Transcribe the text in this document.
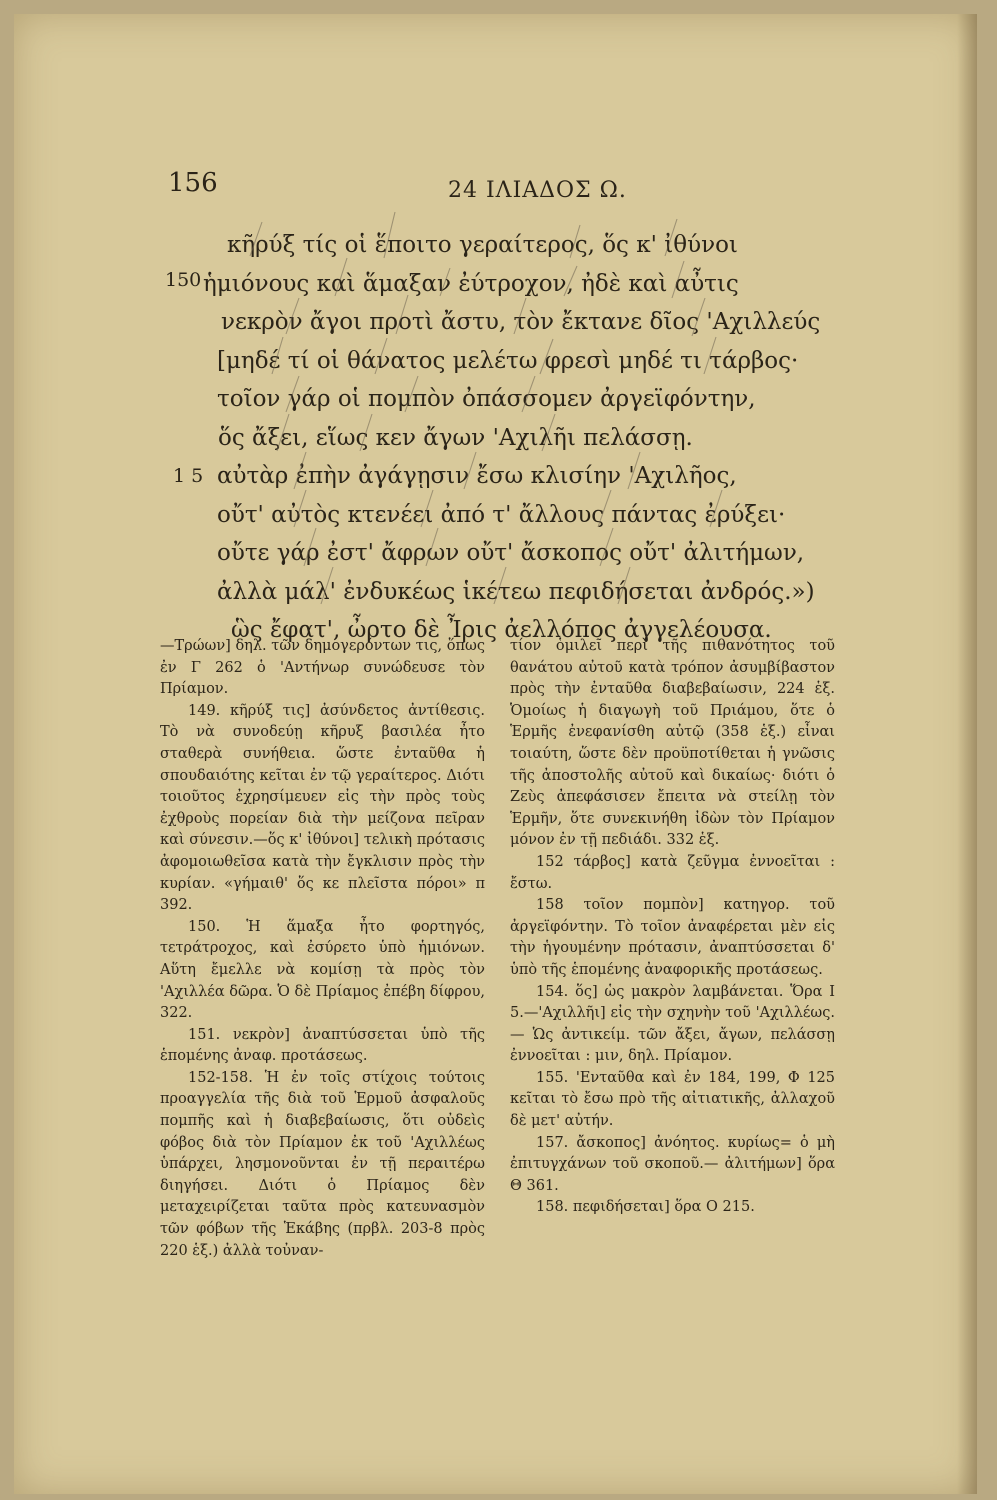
156	24 ΙΛΙΑΔΟΣ Ω.
κῆρύξ τίς οἱ ἕποιτο γεραίτερος, ὅς κ' ἰθύνοι
150 ἡμιόνους καὶ ἅμαξαν ἐύτροχον, ἠδὲ καὶ αὖτις
νεκρὸν ἄγοι προτὶ ἄστυ, τὸν ἔκτανε δῖος 'Αχιλλεύς
[μηδέ τί οἱ θάνατος μελέτω φρεσὶ μηδέ τι τάρβος·
τοῖον γάρ οἱ πομπὸν ὀπάσσομεν ἀργεϊφόντην,
ὅς ἄξει, εἵως κεν ἄγων 'Αχιλῆι πελάσσῃ.
1 5 αὐτὰρ ἐπὴν ἀγάγῃσιν ἔσω κλισίην 'Αχιλῆος,
οὔτ' αὐτὸς κτενέει ἀπό τ' ἄλλους πάντας ἐρύξει·
οὔτε γάρ ἐστ' ἄφρων οὔτ' ἄσκοπος οὔτ' ἀλιτήμων,
ἀλλὰ μάλ' ἐνδυκέως ἱκέτεω πεφιδήσεται ἀνδρός.»)
ὣς ἔφατ', ὦρτο δὲ Ἶρις ἀελλόπος ἀγγελέουσα.

—Τρώων] δηλ. τῶν δημογερόντων τις, ὅπως ἐν Γ 262 ὁ 'Αντήνωρ συνώδευσε τὸν Πρίαμον.

149. κῆρύξ τις] ἀσύνδετος ἀντίθεσις. Τὸ νὰ συνοδεύῃ κῆρυξ βασιλέα ἦτο σταθερὰ συνήθεια. ὥστε ἐνταῦθα ἡ σπουδαιότης κεῖται ἐν τῷ γεραίτερος. Διότι τοιοῦτος ἐχρησίμευεν εἰς τὴν πρὸς τοὺς ἐχθροὺς πορείαν διὰ τὴν μείζονα πεῖραν καὶ σύνεσιν.—ὅς κ' ἰθύνοι] τελικὴ πρότασις ἀφομοιωθεῖσα κατὰ τὴν ἔγκλισιν πρὸς τὴν κυρίαν. «γήμαιθ' ὅς κε πλεῖστα πόροι» π 392.

150. Ἡ ἅμαξα ἦτο φορτηγός, τετράτροχος, καὶ ἐσύρετο ὑπὸ ἡμιόνων. Αὕτη ἔμελλε νὰ κομίσῃ τὰ πρὸς τὸν 'Αχιλλέα δῶρα. Ὁ δὲ Πρίαμος ἐπέβη δίφρου, 322.

151. νεκρὸν] ἀναπτύσσεται ὑπὸ τῆς ἑπομένης ἀναφ. προτάσεως.

152-158. Ἡ ἐν τοῖς στίχοις τούτοις προαγγελία τῆς διὰ τοῦ Ἑρμοῦ ἀσφαλοῦς πομπῆς καὶ ἡ διαβεβαίωσις, ὅτι οὐδεὶς φόβος διὰ τὸν Πρίαμον ἐκ τοῦ 'Αχιλλέως ὑπάρχει, λησμονοῦνται ἐν τῇ περαιτέρω διηγήσει. Διότι ὁ Πρίαμος δὲν μεταχειρίζεται ταῦτα πρὸς κατευνασμὸν τῶν φόβων τῆς Ἑκάβης (πρβλ. 203-8 πρὸς 220 ἑξ.) ἀλλὰ τοὐναν-

τίον ὁμιλεῖ περὶ τῆς πιθανότητος τοῦ θανάτου αὐτοῦ κατὰ τρόπον ἀσυμβίβαστον πρὸς τὴν ἐνταῦθα διαβεβαίωσιν, 224 ἑξ. Ὁμοίως ἡ διαγωγὴ τοῦ Πριάμου, ὅτε ὁ Ἑρμῆς ἐνεφανίσθη αὐτῷ (358 ἑξ.) εἶναι τοιαύτη, ὥστε δὲν προϋποτίθεται ἡ γνῶσις τῆς ἀποστολῆς αὐτοῦ καὶ δικαίως· διότι ὁ Ζεὺς ἀπεφάσισεν ἔπειτα νὰ στείλῃ τὸν Ἑρμῆν, ὅτε συνεκινήθη ἰδὼν τὸν Πρίαμον μόνον ἐν τῇ πεδιάδι. 332 ἑξ.

152 τάρβος] κατὰ ζεῦγμα ἐννοεῖται : ἔστω.

158 τοῖον πομπὸν] κατηγορ. τοῦ ἀργεϊφόντην. Τὸ τοῖον ἀναφέρεται μὲν εἰς τὴν ἡγουμένην πρότασιν, ἀναπτύσσεται δ' ὑπὸ τῆς ἑπομένης ἀναφορικῆς προτάσεως.

154. ὅς] ὡς μακρὸν λαμβάνεται. Ὅρα Ι 5.—'Αχιλλῆι] εἰς τὴν σχηνὴν τοῦ 'Αχιλλέως.— Ὡς ἀντικείμ. τῶν ἄξει, ἄγων, πελάσσῃ ἐννοεῖται : μιν, δηλ. Πρίαμον.

155. 'Ενταῦθα καὶ ἐν 184, 199, Φ 125 κεῖται τὸ ἔσω πρὸ τῆς αἰτιατικῆς, ἀλλαχοῦ δὲ μετ' αὐτήν.

157. ἄσκοπος] ἀνόητος. κυρίως= ὁ μὴ ἐπιτυγχάνων τοῦ σκοποῦ.— ἀλιτήμων] ὅρα Θ 361.

158. πεφιδήσεται] ὅρα Ο 215.
